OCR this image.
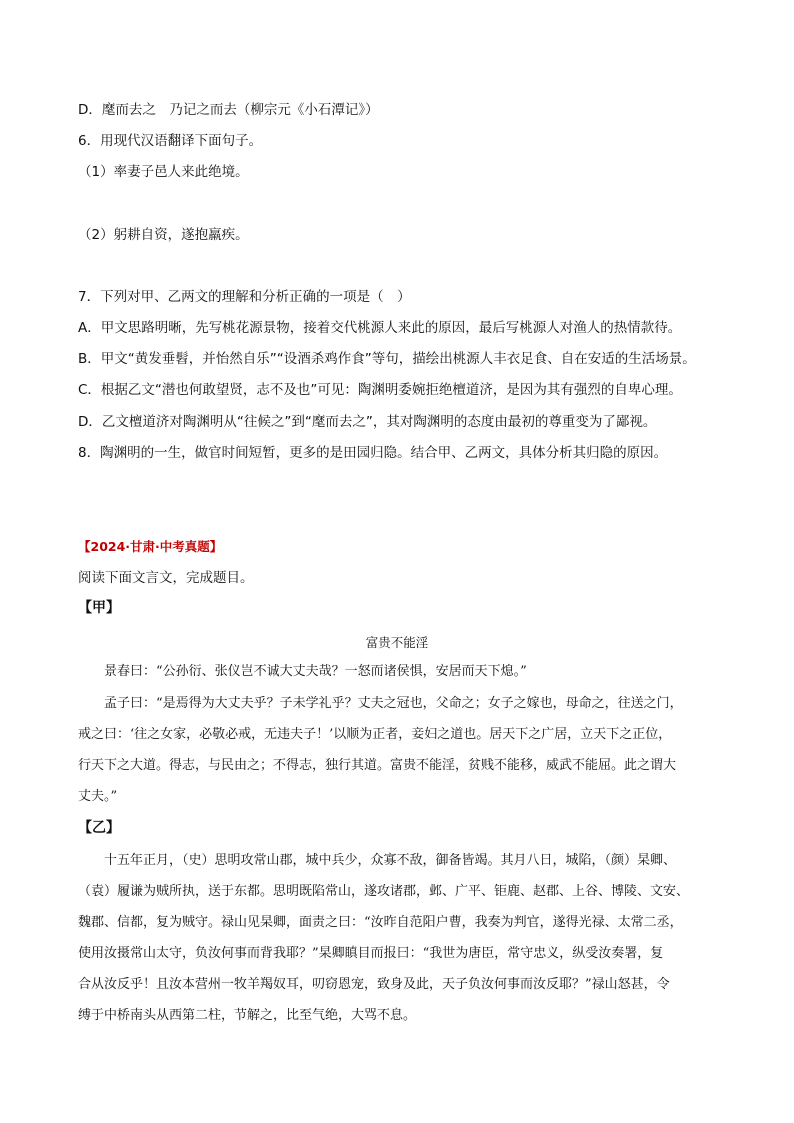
D．麾而去之　乃记之而去（柳宗元《小石潭记》）
6．用现代汉语翻译下面句子。
（1）率妻子邑人来此绝境。
（2）躬耕自资，遂抱羸疾。
7．下列对甲、乙两文的理解和分析正确的一项是（　）
A．甲文思路明晰，先写桃花源景物，接着交代桃源人来此的原因，最后写桃源人对渔人的热情款待。
B．甲文“黄发垂髫，并怡然自乐”“设酒杀鸡作食”等句，描绘出桃源人丰衣足食、自在安适的生活场景。
C．根据乙文“潜也何敢望贤，志不及也”可见：陶渊明委婉拒绝檀道济，是因为其有强烈的自卑心理。
D．乙文檀道济对陶渊明从“往候之”到“麾而去之”，其对陶渊明的态度由最初的尊重变为了鄙视。
8．陶渊明的一生，做官时间短暂，更多的是田园归隐。结合甲、乙两文，具体分析其归隐的原因。
【2024·甘肃·中考真题】
阅读下面文言文，完成题目。
【甲】
富贵不能淫
　　景春曰：“公孙衍、张仪岂不诚大丈夫哉？一怒而诸侯惧，安居而天下熄。”
　　孟子曰：“是焉得为大丈夫乎？子未学礼乎？丈夫之冠也，父命之；女子之嫁也，母命之，往送之门，
戒之曰：‘往之女家，必敬必戒，无违夫子！’以顺为正者，妾妇之道也。居天下之广居，立天下之正位，
行天下之大道。得志，与民由之；不得志，独行其道。富贵不能淫，贫贱不能移，威武不能屈。此之谓大
丈夫。”
【乙】
　　十五年正月，（史）思明攻常山郡，城中兵少，众寡不敌，御备皆竭。其月八日，城陷，（颜）杲卿、
（袁）履谦为贼所执，送于东都。思明既陷常山，遂攻诸郡，邺、广平、钜鹿、赵郡、上谷、博陵、文安、
魏郡、信都，复为贼守。禄山见杲卿，面责之曰：“汝昨自范阳户曹，我奏为判官，遂得光禄、太常二丞，
使用汝摄常山太守，负汝何事而背我耶？”杲卿瞋目而报曰：“我世为唐臣，常守忠义，纵受汝奏署，复
合从汝反乎！且汝本营州一牧羊羯奴耳，叨窃恩宠，致身及此，天子负汝何事而汝反耶？”禄山怒甚，令
缚于中桥南头从西第二柱，节解之，比至气绝，大骂不息。
